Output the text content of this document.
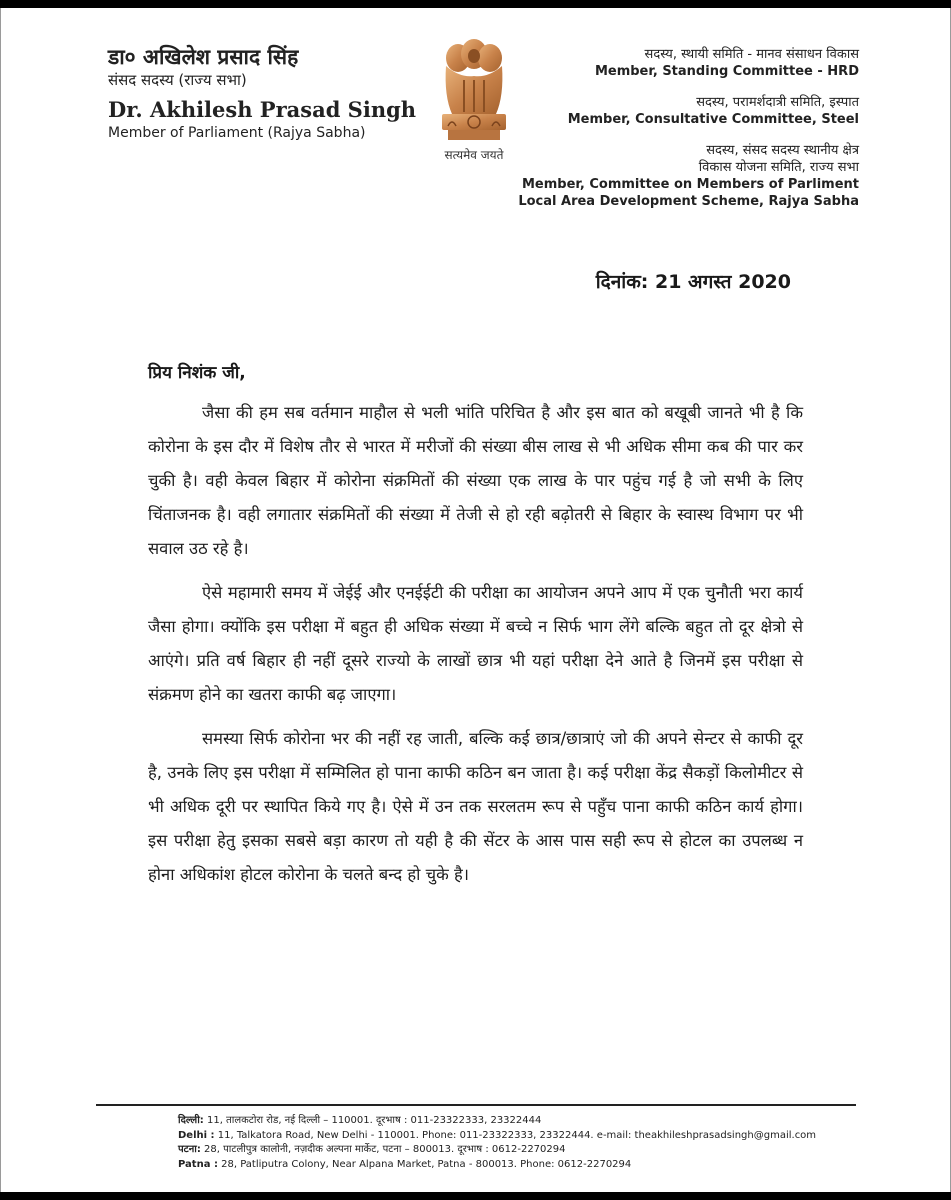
डा० अखिलेश प्रसाद सिंह
संसद सदस्य (राज्य सभा)
Dr. Akhilesh Prasad Singh
Member of Parliament (Rajya Sabha)
सत्यमेव जयते
सदस्य, स्थायी समिति - मानव संसाधन विकास
Member, Standing Committee - HRD
सदस्य, परामर्शदात्री समिति, इस्पात
Member, Consultative Committee, Steel
सदस्य, संसद सदस्य स्थानीय क्षेत्र
विकास योजना समिति, राज्य सभा
Member, Committee on Members of Parliment
Local Area Development Scheme, Rajya Sabha
दिनांक: 21 अगस्त 2020
प्रिय निशंक जी,

जैसा की हम सब वर्तमान माहौल से भली भांति परिचित है और इस बात को बखूबी जानते भी है कि कोरोना के इस दौर में विशेष तौर से भारत में मरीजों की संख्या बीस लाख से भी अधिक सीमा कब की पार कर चुकी है। वही केवल बिहार में कोरोना संक्रमितों की संख्या एक लाख के पार पहुंच गई है जो सभी के लिए चिंताजनक है। वही लगातार संक्रमितों की संख्या में तेजी से हो रही बढ़ोतरी से बिहार के स्वास्थ विभाग पर भी सवाल उठ रहे है।

ऐसे महामारी समय में जेईई और एनईईटी की परीक्षा का आयोजन अपने आप में एक चुनौती भरा कार्य जैसा होगा। क्योंकि इस परीक्षा में बहुत ही अधिक संख्या में बच्चे न सिर्फ भाग लेंगे बल्कि बहुत तो दूर क्षेत्रो से आएंगे। प्रति वर्ष बिहार ही नहीं दूसरे राज्यो के लाखों छात्र भी यहां परीक्षा देने आते है जिनमें इस परीक्षा से संक्रमण होने का खतरा काफी बढ़ जाएगा।

समस्या सिर्फ कोरोना भर की नहीं रह जाती, बल्कि कई छात्र/छात्राएं जो की अपने सेन्टर से काफी दूर है, उनके लिए इस परीक्षा में सम्मिलित हो पाना काफी कठिन बन जाता है। कई परीक्षा केंद्र सैकड़ों किलोमीटर से भी अधिक दूरी पर स्थापित किये गए है। ऐसे में उन तक सरलतम रूप से पहुँच पाना काफी कठिन कार्य होगा। इस परीक्षा हेतु इसका सबसे बड़ा कारण तो यही है की सेंटर के आस पास सही रूप से होटल का उपलब्ध न होना अधिकांश होटल कोरोना के चलते बन्द हो चुके है।

दिल्ली: 11, तालकटोरा रोड, नई दिल्ली – 110001. दूरभाष : 011-23322333, 23322444
Delhi : 11, Talkatora Road, New Delhi - 110001. Phone: 011-23322333, 23322444. e-mail: theakhileshprasadsingh@gmail.com
पटना: 28, पाटलीपुत्र कालोनी, नज़दीक अल्पना मार्केट, पटना – 800013. दूरभाष : 0612-2270294
Patna : 28, Patliputra Colony, Near Alpana Market, Patna - 800013. Phone: 0612-2270294
